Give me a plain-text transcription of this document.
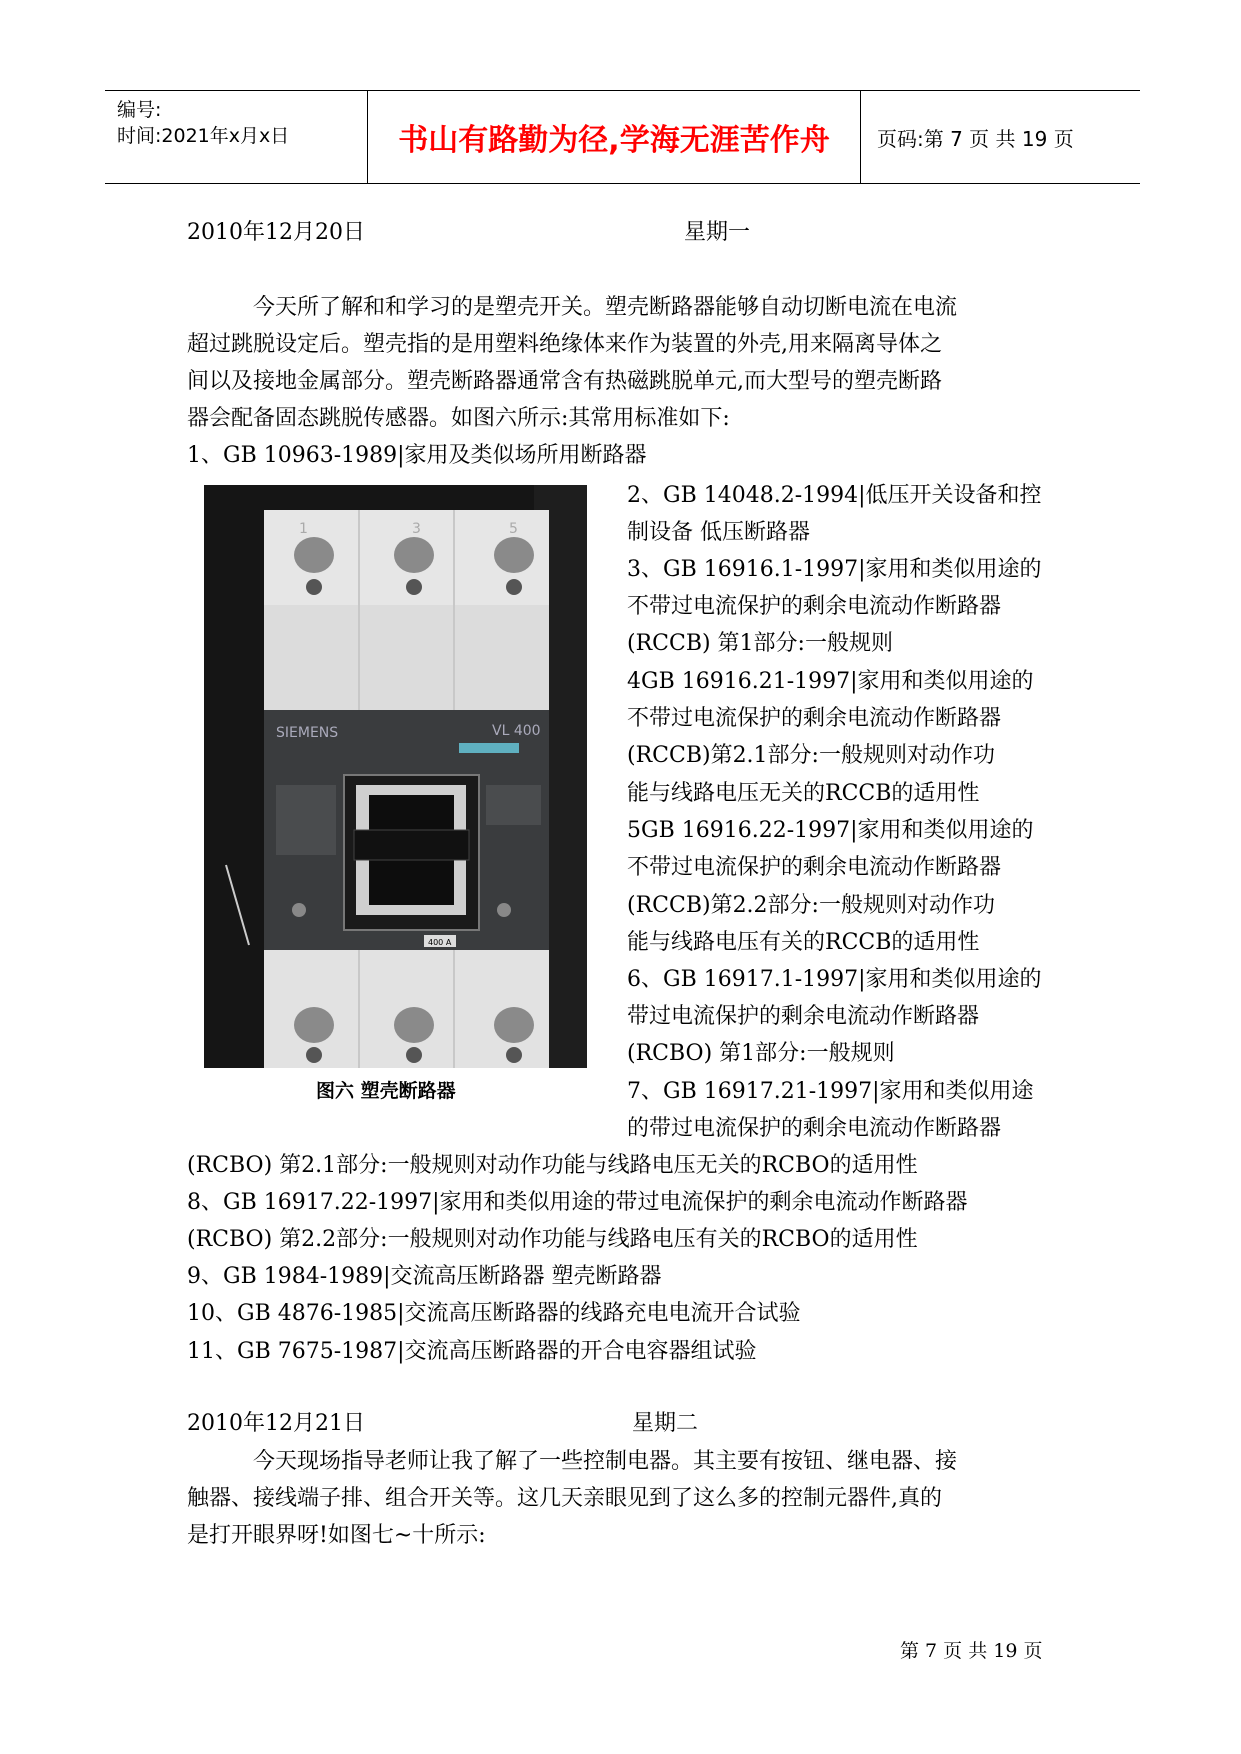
编号:
时间:2021年x月x日	书山有路勤为径,学海无涯苦作舟	页码:第 7 页 共 19 页
2010年12月20日	星期一
今天所了解和和学习的是塑壳开关。塑壳断路器能够自动切断电流在电流
超过跳脱设定后。塑壳指的是用塑料绝缘体来作为装置的外壳,用来隔离导体之
间以及接地金属部分。塑壳断路器通常含有热磁跳脱单元,而大型号的塑壳断路
器会配备固态跳脱传感器。如图六所示:其常用标准如下:
1、GB 10963-1989|家用及类似场所用断路器
1	3	5
SIEMENS	VL 400
400 A
图六 塑壳断路器
2、GB 14048.2-1994|低压开关设备和控
制设备 低压断路器
3、GB 16916.1-1997|家用和类似用途的
不带过电流保护的剩余电流动作断路器
(RCCB) 第1部分:一般规则
4GB 16916.21-1997|家用和类似用途的
不带过电流保护的剩余电流动作断路器
(RCCB)第2.1部分:一般规则对动作功
能与线路电压无关的RCCB的适用性
5GB 16916.22-1997|家用和类似用途的
不带过电流保护的剩余电流动作断路器
(RCCB)第2.2部分:一般规则对动作功
能与线路电压有关的RCCB的适用性
6、GB 16917.1-1997|家用和类似用途的
带过电流保护的剩余电流动作断路器
(RCBO) 第1部分:一般规则
7、GB 16917.21-1997|家用和类似用途
的带过电流保护的剩余电流动作断路器
(RCBO) 第2.1部分:一般规则对动作功能与线路电压无关的RCBO的适用性
8、GB 16917.22-1997|家用和类似用途的带过电流保护的剩余电流动作断路器
(RCBO) 第2.2部分:一般规则对动作功能与线路电压有关的RCBO的适用性
9、GB 1984-1989|交流高压断路器 塑壳断路器
10、GB 4876-1985|交流高压断路器的线路充电电流开合试验
11、GB 7675-1987|交流高压断路器的开合电容器组试验
2010年12月21日	星期二
今天现场指导老师让我了解了一些控制电器。其主要有按钮、继电器、接
触器、接线端子排、组合开关等。这几天亲眼见到了这么多的控制元器件,真的
是打开眼界呀!如图七~十所示:
第 7 页 共 19 页
